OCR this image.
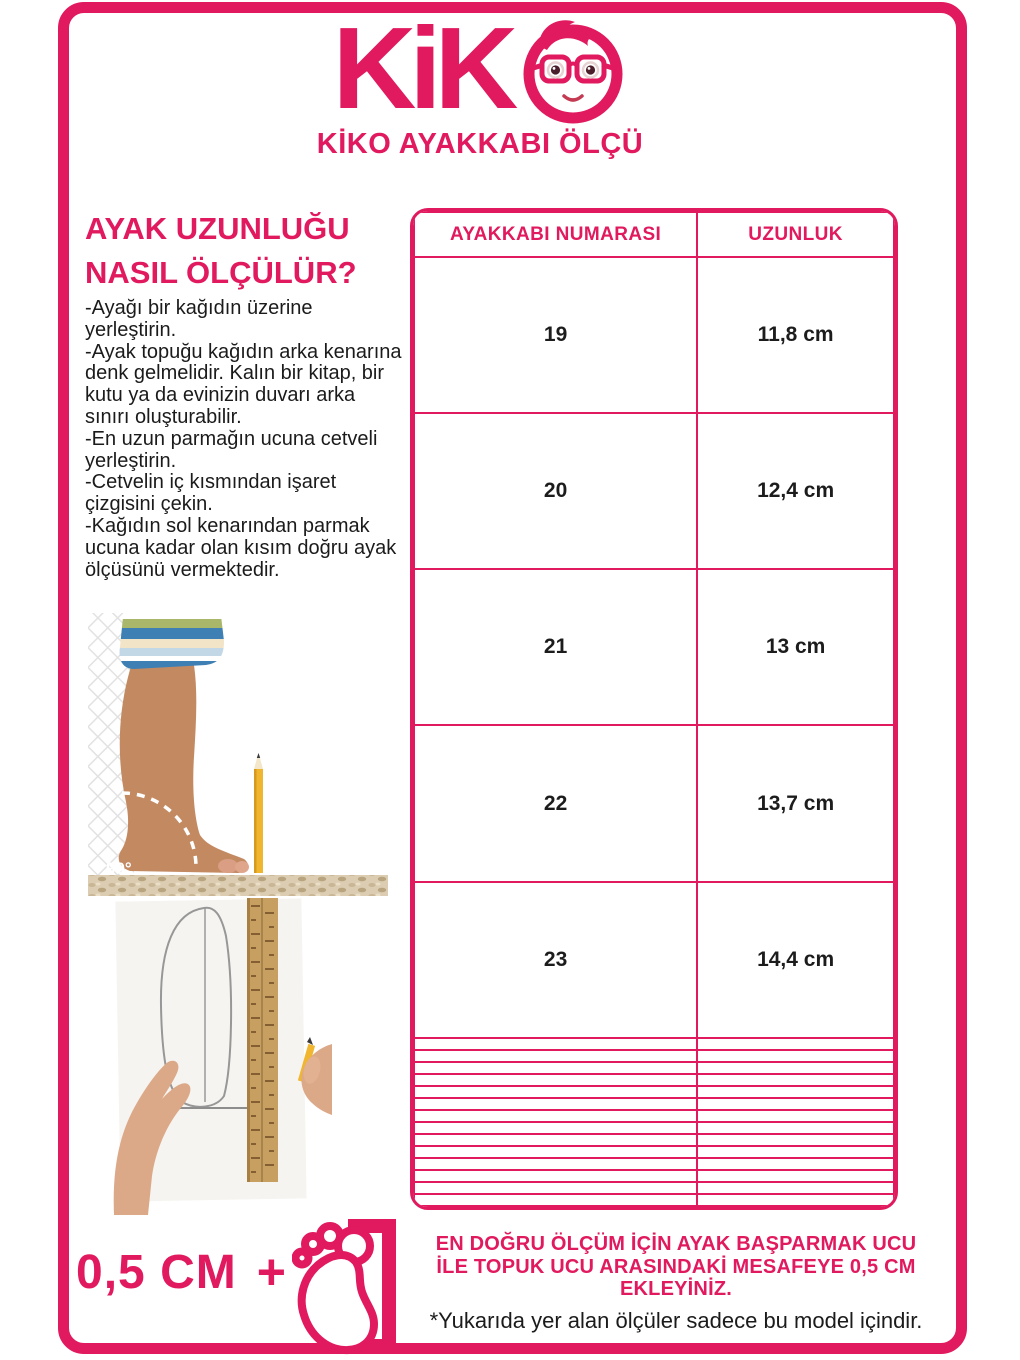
KiK
KİKO AYAKKABI ÖLÇÜ
AYAK UZUNLUĞU
NASIL ÖLÇÜLÜR?

-Ayağı bir kağıdın üzerine yerleştirin.

-Ayak topuğu kağıdın arka kenarına denk gelmelidir. Kalın bir kitap, bir kutu ya da evinizin duvarı arka sınırı oluşturabilir.

-En uzun parmağın ucuna cetveli yerleştirin.

-Cetvelin iç kısmından işaret çizgisini çekin.

-Kağıdın sol kenarından parmak ucuna kadar olan kısım doğru ayak ölçüsünü vermektedir.

90°
AYAKKABI NUMARASI	UZUNLUK
19	11,8 cm
20	12,4 cm
21	13 cm
22	13,7 cm
23	14,4 cm

0,5 CM +	EN DOĞRU ÖLÇÜM İÇİN AYAK BAŞPARMAK UCU
İLE TOPUK UCU ARASINDAKİ MESAFEYE 0,5 CM
EKLEYİNİZ.
*Yukarıda yer alan ölçüler sadece bu model içindir.
